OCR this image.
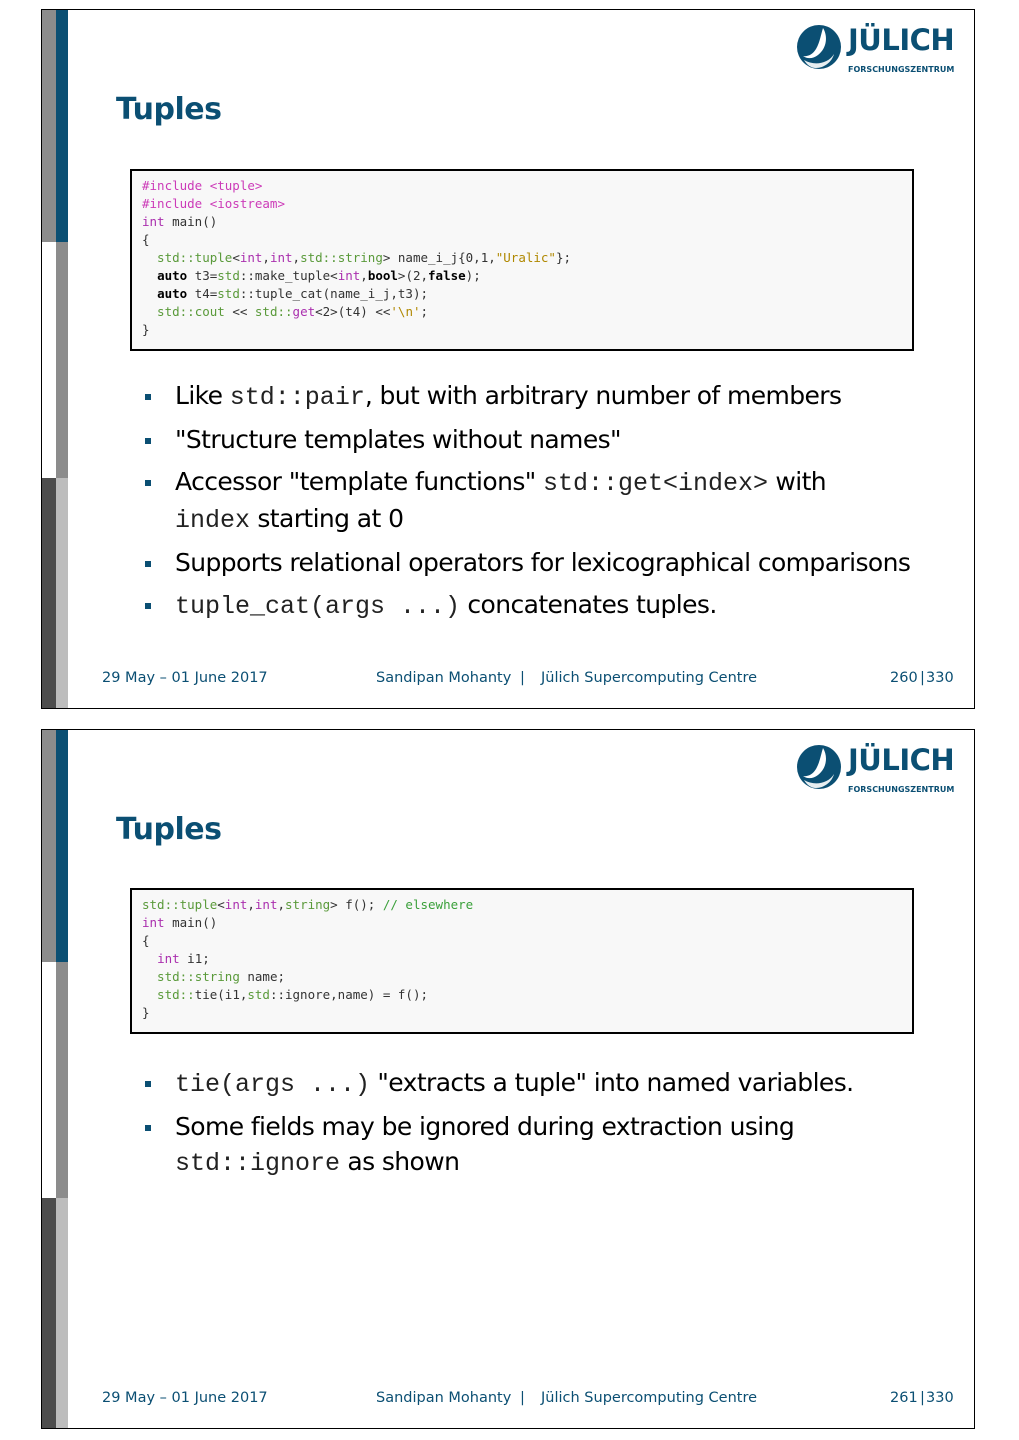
JÜLICH
FORSCHUNGSZENTRUM
Tuples
#include <tuple>
#include <iostream>
int main()
{
std::tuple<int,int,std::string> name_i_j{0,1,"Uralic"};
auto t3=std::make_tuple<int,bool>(2,false);
auto t4=std::tuple_cat(name_i_j,t3);
std::cout << std::get<2>(t4) <<'\n';
}
Like std::pair, but with arbitrary number of members
"Structure templates without names"
Accessor "template functions" std::get<index> with
index starting at 0
Supports relational operators for lexicographical comparisons
tuple_cat(args ...) concatenates tuples.
29 May – 01 June 2017	Sandipan Mohanty | Jülich Supercomputing Centre	260 | 330
JÜLICH
FORSCHUNGSZENTRUM
Tuples
std::tuple<int,int,string> f(); // elsewhere
int main()
{
int i1;
std::string name;
std::tie(i1,std::ignore,name) = f();
}
tie(args ...) "extracts a tuple" into named variables.
Some fields may be ignored during extraction using
std::ignore as shown
29 May – 01 June 2017	Sandipan Mohanty | Jülich Supercomputing Centre	261 | 330
